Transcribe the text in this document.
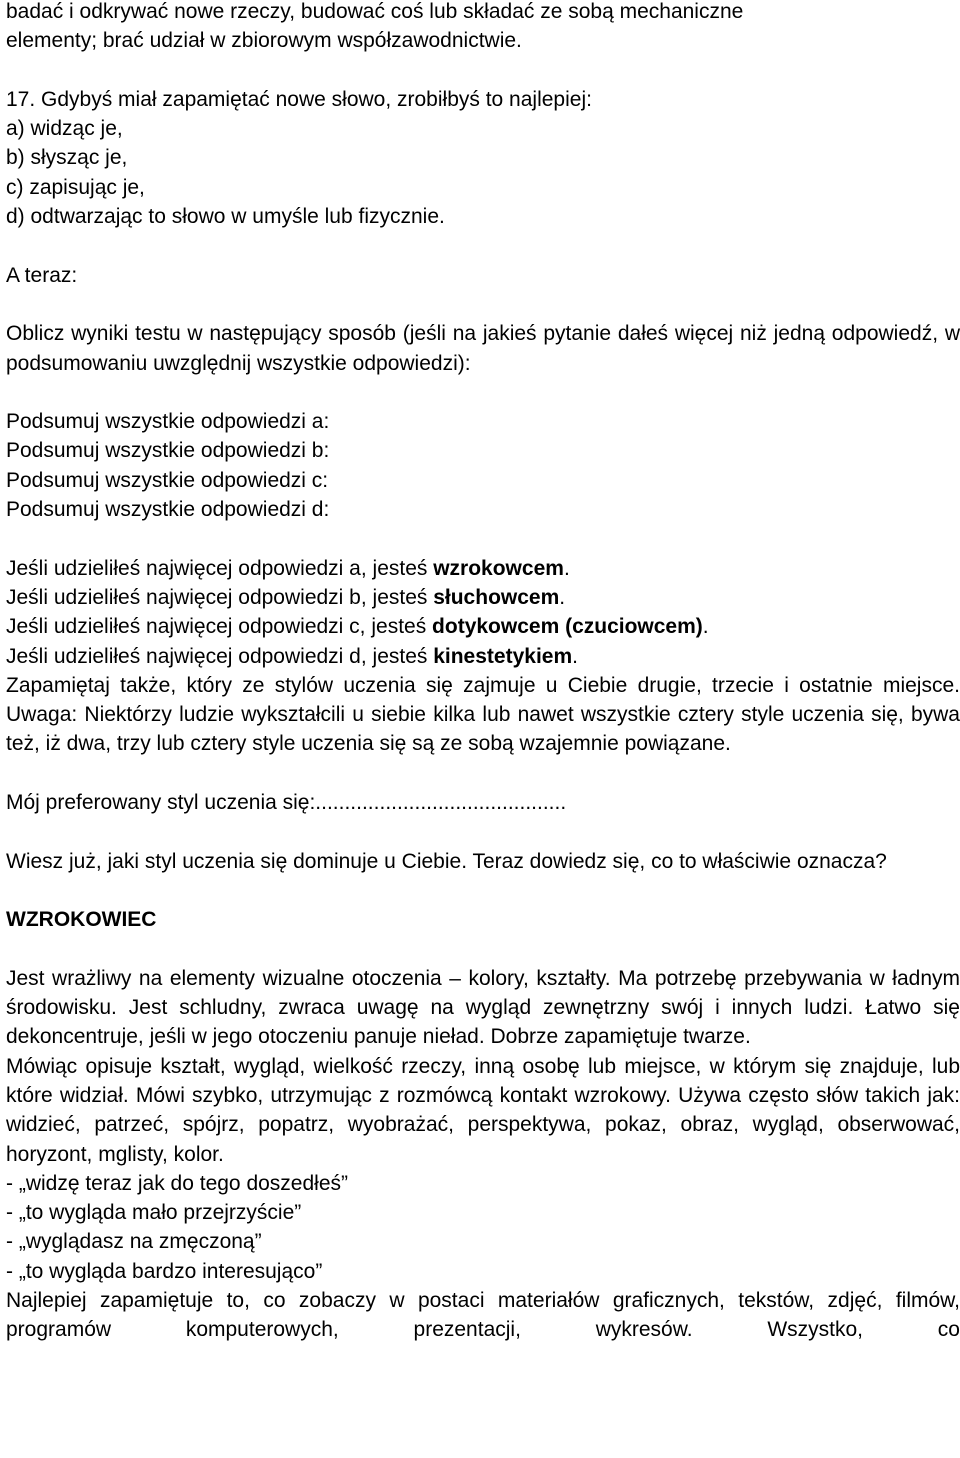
badać i odkrywać nowe rzeczy, budować coś lub składać ze sobą mechaniczne
elementy; brać udział w zbiorowym współzawodnictwie.
17. Gdybyś miał zapamiętać nowe słowo, zrobiłbyś to najlepiej:
a) widząc je,
b) słysząc je,
c) zapisując je,
d) odtwarzając to słowo w umyśle lub fizycznie.
A teraz:
Oblicz wyniki testu w następujący sposób (jeśli na jakieś pytanie dałeś więcej niż jedną odpowiedź, w podsumowaniu uwzględnij wszystkie odpowiedzi):
Podsumuj wszystkie odpowiedzi a:
Podsumuj wszystkie odpowiedzi b:
Podsumuj wszystkie odpowiedzi c:
Podsumuj wszystkie odpowiedzi d:
Jeśli udzieliłeś najwięcej odpowiedzi a, jesteś wzrokowcem.
Jeśli udzieliłeś najwięcej odpowiedzi b, jesteś słuchowcem.
Jeśli udzieliłeś najwięcej odpowiedzi c, jesteś dotykowcem (czuciowcem).
Jeśli udzieliłeś najwięcej odpowiedzi d, jesteś kinestetykiem.
Zapamiętaj także, który ze stylów uczenia się zajmuje u Ciebie drugie, trzecie i ostatnie miejsce. Uwaga: Niektórzy ludzie wykształcili u siebie kilka lub nawet wszystkie cztery style uczenia się, bywa też, iż dwa, trzy lub cztery style uczenia się są ze sobą wzajemnie powiązane.
Mój preferowany styl uczenia się:...........................................
Wiesz już, jaki styl uczenia się dominuje u Ciebie. Teraz dowiedz się, co to właściwie oznacza?
WZROKOWIEC
Jest wrażliwy na elementy wizualne otoczenia – kolory, kształty. Ma potrzebę przebywania w ładnym środowisku. Jest schludny, zwraca uwagę na wygląd zewnętrzny swój i innych ludzi. Łatwo się dekoncentruje, jeśli w jego otoczeniu panuje nieład. Dobrze zapamiętuje twarze.
Mówiąc opisuje kształt, wygląd, wielkość rzeczy, inną osobę lub miejsce, w którym się znajduje, lub które widział. Mówi szybko, utrzymując z rozmówcą kontakt wzrokowy. Używa często słów takich jak: widzieć, patrzeć, spójrz, popatrz, wyobrażać, perspektywa, pokaz, obraz, wygląd, obserwować, horyzont, mglisty, kolor.
- „widzę teraz jak do tego doszedłeś”
- „to wygląda mało przejrzyście”
- „wyglądasz na zmęczoną”
- „to wygląda bardzo interesująco”
Najlepiej zapamiętuje to, co zobaczy w postaci materiałów graficznych, tekstów, zdjęć, filmów, programów komputerowych, prezentacji, wykresów. Wszystko, co
